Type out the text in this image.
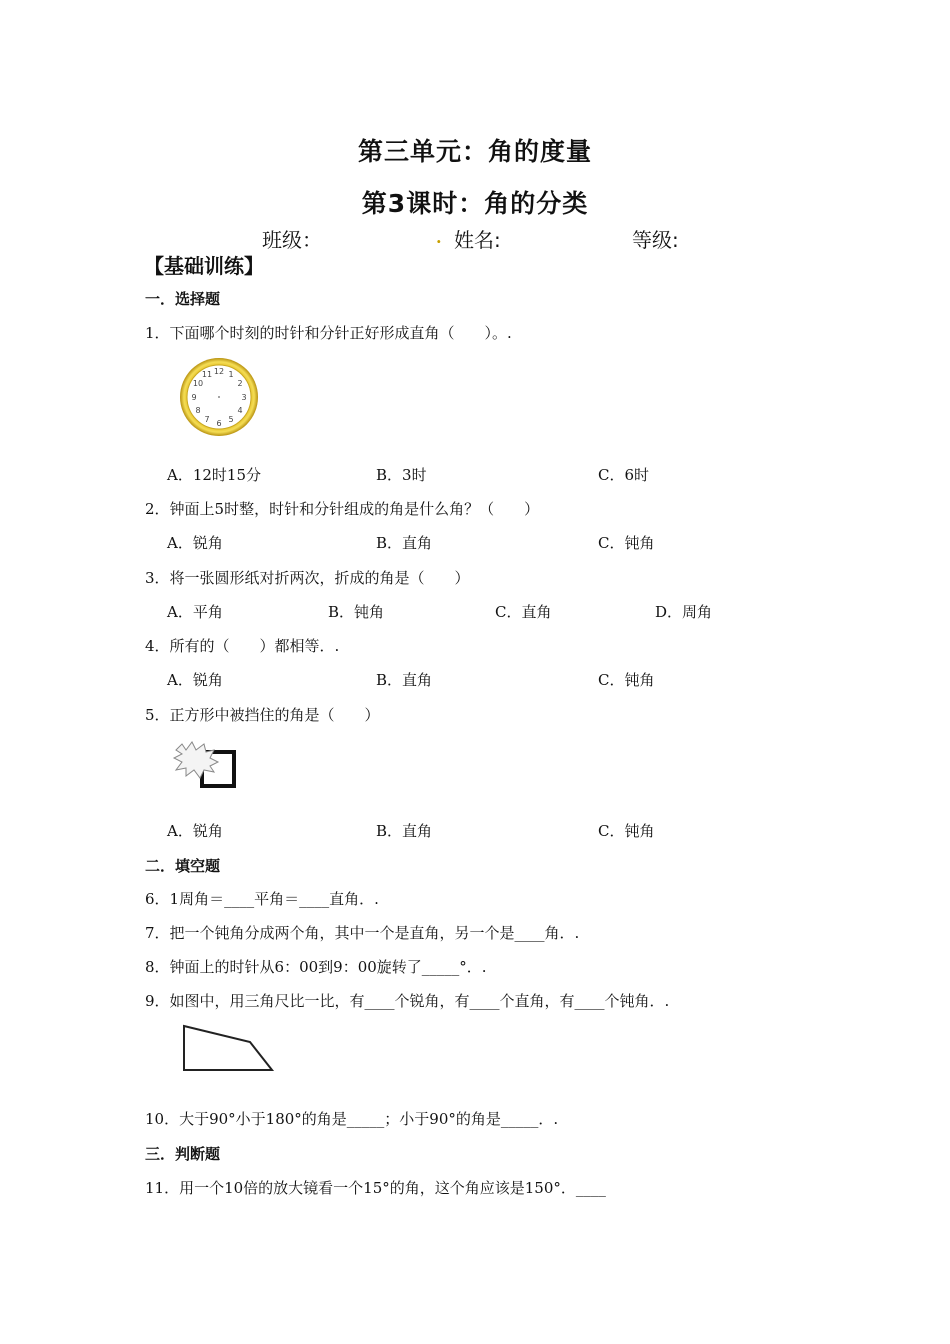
第三单元：角的度量
第3课时：角的分类
班级：	. 姓名:	等级:
【基础训练】
一．选择题
1．下面哪个时刻的时针和分针正好形成直角（　　）。.
12 1
2
3
4
5
6
7
8
9
10
11
A．12时15分	B．3时	C．6时
2．钟面上5时整，时针和分针组成的角是什么角？（　　）
A．锐角	B．直角	C．钝角
3．将一张圆形纸对折两次，折成的角是（　　）
A．平角	B．钝角	C．直角	D．周角
4．所有的（　　）都相等．.
A．锐角	B．直角	C．钝角
5．正方形中被挡住的角是（　　）
A．锐角	B．直角	C．钝角
二．填空题
6．1周角＝____平角＝____直角．.
7．把一个钝角分成两个角，其中一个是直角，另一个是____角．.
8．钟面上的时针从6：00到9：00旋转了_____°．.
9．如图中，用三角尺比一比，有____个锐角，有____个直角，有____个钝角．.
10．大于90°小于180°的角是_____；小于90°的角是_____．.
三．判断题
11．用一个10倍的放大镜看一个15°的角，这个角应该是150°．____
